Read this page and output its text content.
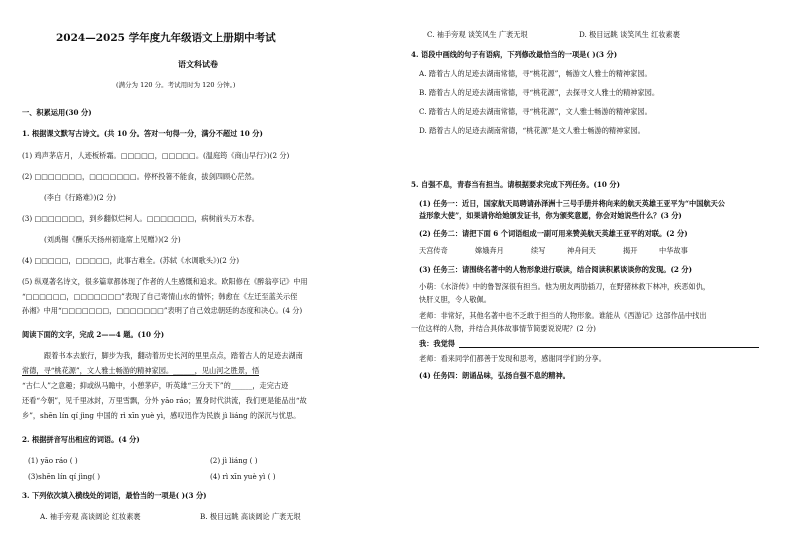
2024—2025 学年度九年级语文上册期中考试
语文科试卷
(满分为 120 分。考试用时为 120 分钟。)
一、积累运用(30 分)
1. 根据课文默写古诗文。(共 10 分。答对一句得一分，满分不超过 10 分)
(1) 鸡声茅店月，人迹板桥霜。□□□□□，□□□□□。(温庭筠《商山早行》)(2 分)
(2) □□□□□□□，□□□□□□□。停杯投箸不能食，拔剑四顾心茫然。
(李白《行路难》)(2 分)
(3) □□□□□□□，到乡翻似烂柯人。□□□□□□□，病树前头万木春。
(刘禹锡《酬乐天扬州初逢席上见赠》)(2 分)
(4) □□□□□，□□□□□，此事古难全。(苏轼《水调歌头》)(2 分)
(5) 纵观著名诗文，很多篇章都体现了作者的人生感慨和追求。欧阳修在《醉翁亭记》中用
“□□□□□□，□□□□□□□”表现了自己寄情山水的情怀；韩愈在《左迁至蓝关示侄
孙湘》中用“□□□□□□□，□□□□□□□”表明了自己效忠朝廷的态度和决心。(4 分)
阅读下面的文字，完成 2——4 题。(10 分)
跟着书本去旅行，脚步为我，翻动着历史长河的里里点点，踏着古人的足迹去湖南
常德，寻“桃花源”，文人雅士畅游的精神家园。______，见山河之胜景，悟
“古仁人”之意趣；抑或纵马瞻中，小憩茅庐，听英雄“三分天下”的______，走完古迹
还看“今朝”，见千里冰封，万里雪飘，分外 yāo ráo；置身时代洪流，我们更是能品出“故
乡”，shēn lín qí jìng 中国的 rì xīn yuè yì，感叹迅作为民族 jì liáng 的深沉与忧思。
2. 根据拼音写出相应的词语。(4 分)
(1) yāo ráo ( )	(2) jì liáng ( )
(3)shēn lín qí jìng( )	(4) rì xīn yuè yì ( )
3. 下列依次填入横线处的词语，最恰当的一项是( )(3 分)
A. 袖手旁观 高谈阔论 红妆素裹	B. 极目远眺 高谈阔论 广袤无垠
C. 袖手旁观 谈笑风生 广袤无垠	D. 极目远眺 谈笑风生 红妆素裹
4. 语段中画线的句子有语病，下列修改最恰当的一项是( )(3 分)
A. 踏着古人的足迹去湖南常德，寻“桃花源”，畅游文人雅士的精神家园。
B. 踏着古人的足迹去湖南常德，寻“桃花源”，去探寻文人雅士的精神家园。
C. 踏着古人的足迹去湖南常德，寻“桃花源”，文人雅士畅游的精神家园。
D. 踏着古人的足迹去湖南常德，“桃花源”是文人雅士畅游的精神家园。
5. 自强不息，青春当有担当。请根据要求完成下列任务。(10 分)
(1) 任务一：近日，国家航天局聘请孙泽洲十三号手册并将向来的航天英雄王亚平为“中国航天公
益形象大使”，如果请你给她颁发证书，你为颁奖意愿，你会对她说些什么？(3 分)
(2) 任务二：请把下面 6 个词语组成一副可用来赞美航天英雄王亚平的对联。(2 分)
天宫传奇	嫦娥奔月	续写	神舟问天	揭开	中华故事
(3) 任务三：请围绕名著中的人物形象进行联读，结合阅读积累谈谈你的发现。(2 分)
小萌：《水浒传》中的鲁智深很有担当。他为朋友两肋插刀，在野猪林救下林冲，疾恶如仇，
快肝义胆，令人敬佩。
老师：非常好，其他名著中也不乏敢于担当的人物形象。谁能从《西游记》这部作品中找出
一位这样的人物，并结合具体故事情节简要说说呢？(2 分)
我：我觉得
老师：看来同学们都善于发现和思考，感谢同学们的分享。
(4) 任务四：朗诵品味，弘扬自强不息的精神。
